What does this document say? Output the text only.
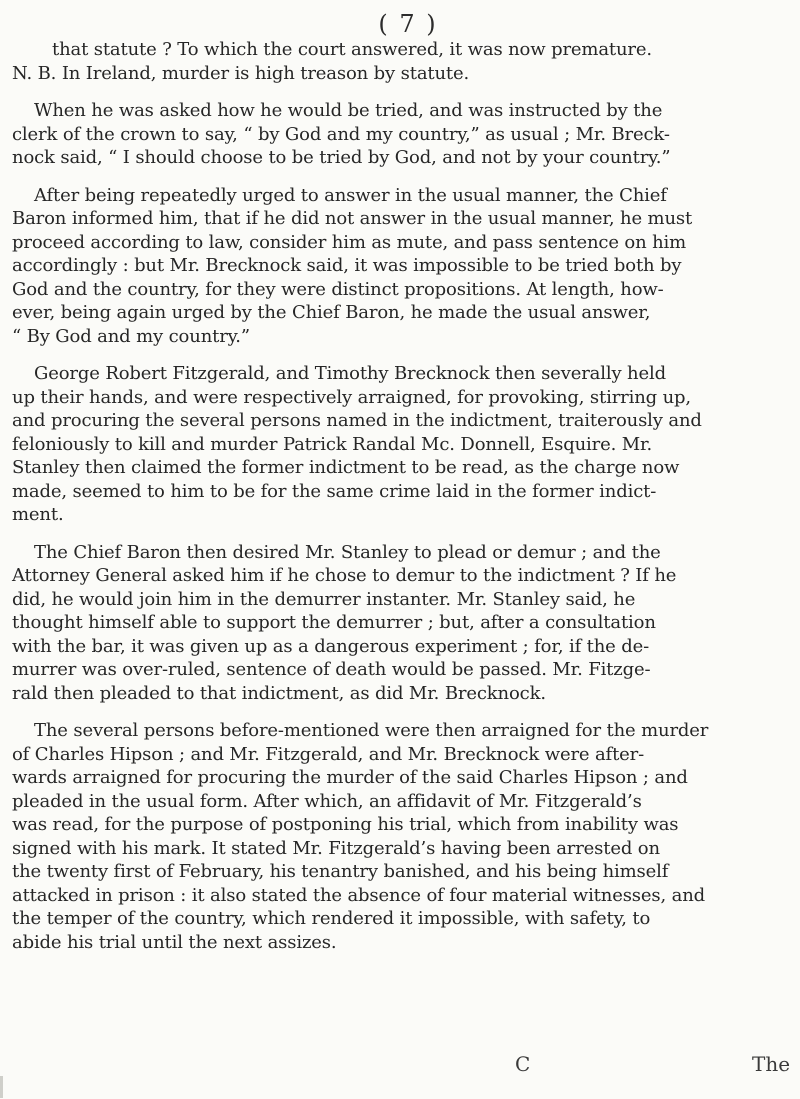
( 7 )

that statute ? To which the court answered, it was now premature.
N. B. In Ireland, murder is high treason by statute.

When he was asked how he would be tried, and was instructed by the
clerk of the crown to say, “ by God and my country,” as usual ; Mr. Breck-
nock said, “ I should choose to be tried by God, and not by your country.”

After being repeatedly urged to answer in the usual manner, the Chief
Baron informed him, that if he did not answer in the usual manner, he must
proceed according to law, consider him as mute, and pass sentence on him
accordingly : but Mr. Brecknock said, it was impossible to be tried both by
God and the country, for they were distinct propositions. At length, how-
ever, being again urged by the Chief Baron, he made the usual answer,
“ By God and my country.”

George Robert Fitzgerald, and Timothy Brecknock then severally held
up their hands, and were respectively arraigned, for provoking, stirring up,
and procuring the several persons named in the indictment, traiterously and
feloniously to kill and murder Patrick Randal Mc. Donnell, Esquire. Mr.
Stanley then claimed the former indictment to be read, as the charge now
made, seemed to him to be for the same crime laid in the former indict-
ment.

The Chief Baron then desired Mr. Stanley to plead or demur ; and the
Attorney General asked him if he chose to demur to the indictment ? If he
did, he would join him in the demurrer instanter. Mr. Stanley said, he
thought himself able to support the demurrer ; but, after a consultation
with the bar, it was given up as a dangerous experiment ; for, if the de-
murrer was over-ruled, sentence of death would be passed. Mr. Fitzge-
rald then pleaded to that indictment, as did Mr. Brecknock.

The several persons before-mentioned were then arraigned for the murder
of Charles Hipson ; and Mr. Fitzgerald, and Mr. Brecknock were after-
wards arraigned for procuring the murder of the said Charles Hipson ; and
pleaded in the usual form. After which, an affidavit of Mr. Fitzgerald’s
was read, for the purpose of postponing his trial, which from inability was
signed with his mark. It stated Mr. Fitzgerald’s having been arrested on
the twenty first of February, his tenantry banished, and his being himself
attacked in prison : it also stated the absence of four material witnesses, and
the temper of the country, which rendered it impossible, with safety, to
abide his trial until the next assizes.

C	The
